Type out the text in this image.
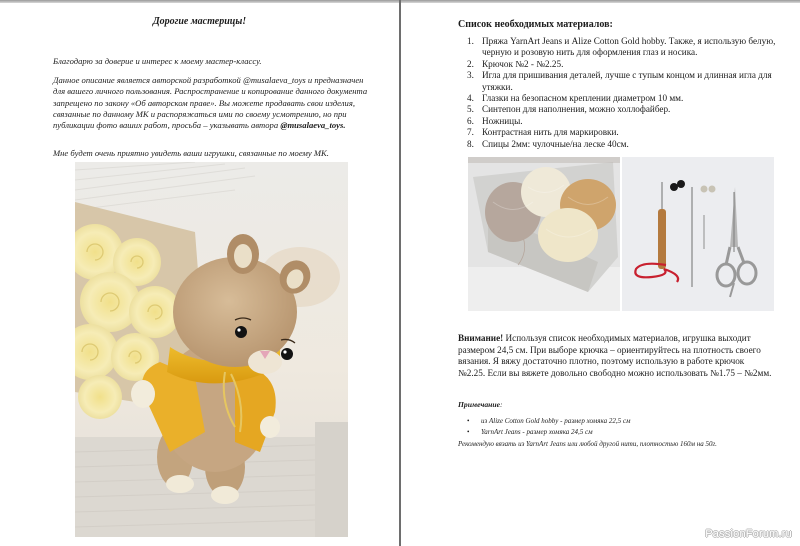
Дорогие мастерицы!

Благодарю за доверие и интерес к моему мастер-классу.

Данное описание является авторской разработкой @musalaeva_toys и предназначен для вашего личного пользования. Распространение и копирование данного документа запрещено по закону «Об авторском праве». Вы можете продавать свои изделия, связанные по данному МК и распоряжаться ими по своему усмотрению, но при публикации фото ваших работ, просьба – указывать автора @musalaeva_toys.

Мне будет очень приятно увидеть ваши игрушки, связанные по моему МК.

Список необходимых материалов:
1. Пряжа YarnArt Jeans и Alize Cotton Gold hobby. Также, я использую белую, черную и розовую нить для оформления глаз и носика.
2. Крючок №2 - №2.25.
3. Игла для пришивания деталей, лучше с тупым концом и длинная игла для утяжки.
4. Глазки на безопасном креплении диаметром 10 мм.
5. Синтепон для наполнения, можно холлофайбер.
6. Ножницы.
7. Контрастная нить для маркировки.
8. Спицы 2мм: чулочные/на леске 40см.

Внимание! Используя список необходимых материалов, игрушка выходит размером 24,5 см. При выборе крючка – ориентируйтесь на плотность своего вязания. Я вяжу достаточно плотно, поэтому использую в работе крючок №2.25. Если вы вяжете довольно свободно можно использовать №1.75 – №2мм.

Примечание:
• из Alize Cotton Gold hobby - размер хомяка 22,5 см
• YarnArt Jeans - размер хомяка 24,5 см

Рекомендую вязать из YarnArt Jeans или любой другой нити, плотностью 160м на 50г.

PassionForum.ru
